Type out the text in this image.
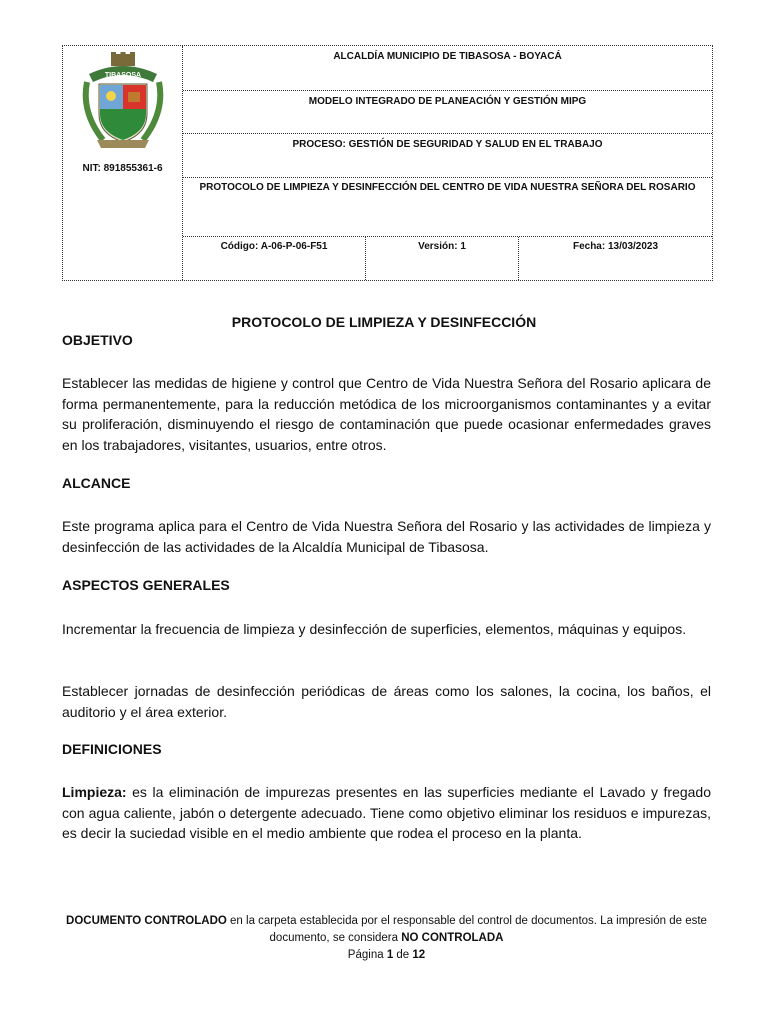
TIBASOSA
NIT: 891855361-6
ALCALDÍA MUNICIPIO DE TIBASOSA - BOYACÁ
MODELO INTEGRADO DE PLANEACIÓN Y GESTIÓN MIPG
PROCESO: GESTIÓN DE SEGURIDAD Y SALUD EN EL TRABAJO
PROTOCOLO DE LIMPIEZA Y DESINFECCIÓN DEL CENTRO DE VIDA NUESTRA SEÑORA DEL ROSARIO
Código: A-06-P-06-F51	Versión: 1	Fecha: 13/03/2023
PROTOCOLO DE LIMPIEZA Y DESINFECCIÓN
OBJETIVO
Establecer las medidas de higiene y control que Centro de Vida Nuestra Señora del Rosario aplicara de forma permanentemente, para la reducción metódica de los microorganismos contaminantes y a evitar su proliferación, disminuyendo el riesgo de contaminación que puede ocasionar enfermedades graves en los trabajadores, visitantes, usuarios, entre otros.
ALCANCE
Este programa aplica para el Centro de Vida Nuestra Señora del Rosario y las actividades de limpieza y desinfección de las actividades de la Alcaldía Municipal de Tibasosa.
ASPECTOS GENERALES
Incrementar la frecuencia de limpieza y desinfección de superficies, elementos, máquinas y equipos.
Establecer jornadas de desinfección periódicas de áreas como los salones, la cocina, los baños, el auditorio y el área exterior.
DEFINICIONES
Limpieza: es la eliminación de impurezas presentes en las superficies mediante el Lavado y fregado con agua caliente, jabón o detergente adecuado. Tiene como objetivo eliminar los residuos e impurezas, es decir la suciedad visible en el medio ambiente que rodea el proceso en la planta.
DOCUMENTO CONTROLADO en la carpeta establecida por el responsable del control de documentos. La impresión de este documento, se considera NO CONTROLADA
Página 1 de 12
